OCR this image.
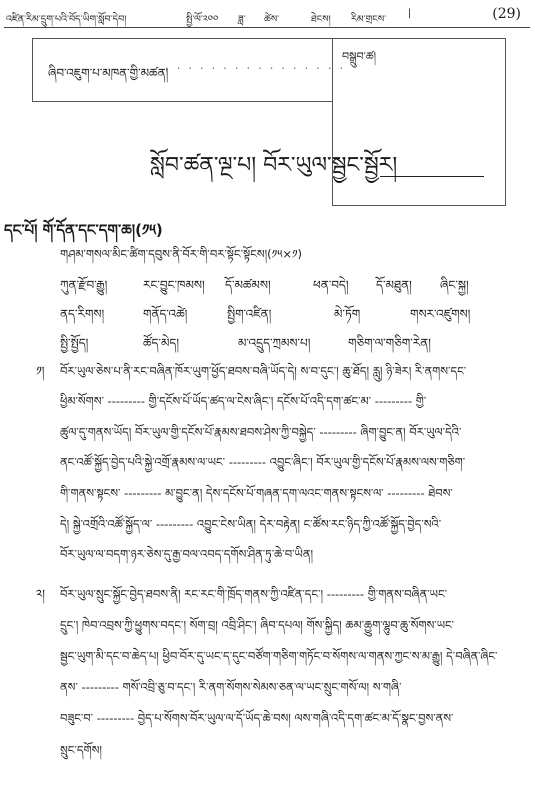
འཛིན་རིམ་དྲུག་པའི་བོད་ཡིག་སློབ་དེབ།	སྤྱི་ལོ་༢༠༠ ཟླ་ ཚེས་	ཐེངས། རིམ་གྲངས་
|	(29)
ཞིབ་འཇུག་པ་མཁན་གྱི་མཚན།
. . . . . . . . . . . . . . . .
བསྒྲུབ་ཚ།
སློབ་ཚན་ལྔ་པ། བོར་ཡུལ་སྦྱང་སྦྱོར།
དང་པོ། གོ་དོན་དང་དག་ཆ།(༡༥)
གཤམ་གསལ་མིང་ཚིག་དབུས་ནི་བོར་གི་བར་སྟོང་སྟོངས།(༡༥×༡)
ཀུན་རྫོབ་རྒྱུ།	རང་བྱུང་ཁམས། དོ་མཚམས།	ཕན་བདེ། དོ་མཐུན། ཞིང་སྐྱ།
ནད་རིགས།	གནོད་འཚེ།	སྤྱིག་འཛིན།	མེ་ཏོག	གསར་འཛུགས།
སྤྱི་སྤྱོད།	ཚོད་མེད།	མ་འདྲུད་ཀྲམས་པ།	གཅིག་ལ་གཅིག་རེན།
༡། བོར་ཡུལ་ཅེས་པ་ནི་རང་བཞིན་ཁོར་ཡུག་ཕྱོད་ཐབས་བཞི་ཡོད་དེ། ས་བ་དུང་། ཆུ་ཐོད། རླུ། ཉི་ཟེར། རི་ནགས་དང་
ཕྱིམ་སོགས་ --------- གྱི་དངོས་པོ་ཡོད་ཚད་ལ་ངེས་ཞིང་། དངོས་པོ་འདི་དག་ཚང་མ་ --------- གྱི་
ཚུལ་དུ་གནས་ཡོད། བོར་ཡུལ་གྱི་དངོས་པོ་རྣམས་ཐབས་ཤེས་ཀྱི་བསྐྱེད་ --------- ཞིག་བྱུང་ན། བོར་ཡུལ་དེའི་
ནང་འཚོ་སྐྱོད་བྱེད་པའི་སྐྱེ་འགྲོ་རྣམས་ལ་ཡང་ --------- འབྱུང་ཞིང་། བོར་ཡུལ་གྱི་དངོས་པོ་རྣམས་ལས་གཅིག་
གི་གནས་སྟངས་ --------- མ་བྱུང་ན། དེས་དངོས་པོ་གཞན་དག་ལའང་གནས་སྟངས་ལ་ --------- ཐེབས་
དེ། སྐྱེ་འགྲོའི་འཚོ་སྐྱོད་ལ་ --------- འབྱུང་ངེས་ཡིན། དེར་བརྟེན། ང་ཚོས་རང་ཉིད་ཀྱི་འཚོ་སྐྱོད་བྱེད་སའི་
བོར་ཡུལ་ལ་བདག་ཉར་ཅེས་དུ་རྒྱ་བལ་འབད་དགོས་ཤིན་ཏུ་ཆེ་བ་ཡིན།
༢། བོར་ཡུལ་སྲུང་སྐྱོང་བྱེད་ཐབས་ནི། རང་རང་གི་ཁྲོད་གནས་ཀྱི་འཛིན་དང་། --------- གྱི་གནས་བཞིན་ཡང་
དྲུང་། ཁེབ་འབྲས་ཀྱི་ཕྱུགས་བདང་། སོག་བྲ། འབྲི་ཤིང་། ཞིབ་དཔལ། གོས་སྐྱིད། ཆམ་ཆྱུག་ལྷུབ་ཆུ་སོགས་ཡང་
སྦྱང་ཡུག་མི་དང་བ་ཆེད་པ། ཕྱིབ་བོར་དུ་ཡང་ད་དུང་བཙོག་གཅིག་གཏོང་བ་སོགས་ལ་གནས་ཀྱང་ས་མ་རྒྱུ། དེ་བཞིན་ཞིང་
ནས་ --------- གསོ་འབྲི་ཅུ་བ་དང་། རི་ནག་སོགས་སེམས་ཅན་ལ་ཡང་སྲུང་གསོ་ལ། ས་གཞི་
བཟུང་བ་ --------- བྱེད་པ་སོགས་བོར་ཡུལ་ལ་དོ་ཡོད་ཆེ་བས། ལས་གཞི་འདི་དག་ཚང་མ་དོ་སྣང་བྱས་ནས་
སྲུང་དགོས།
